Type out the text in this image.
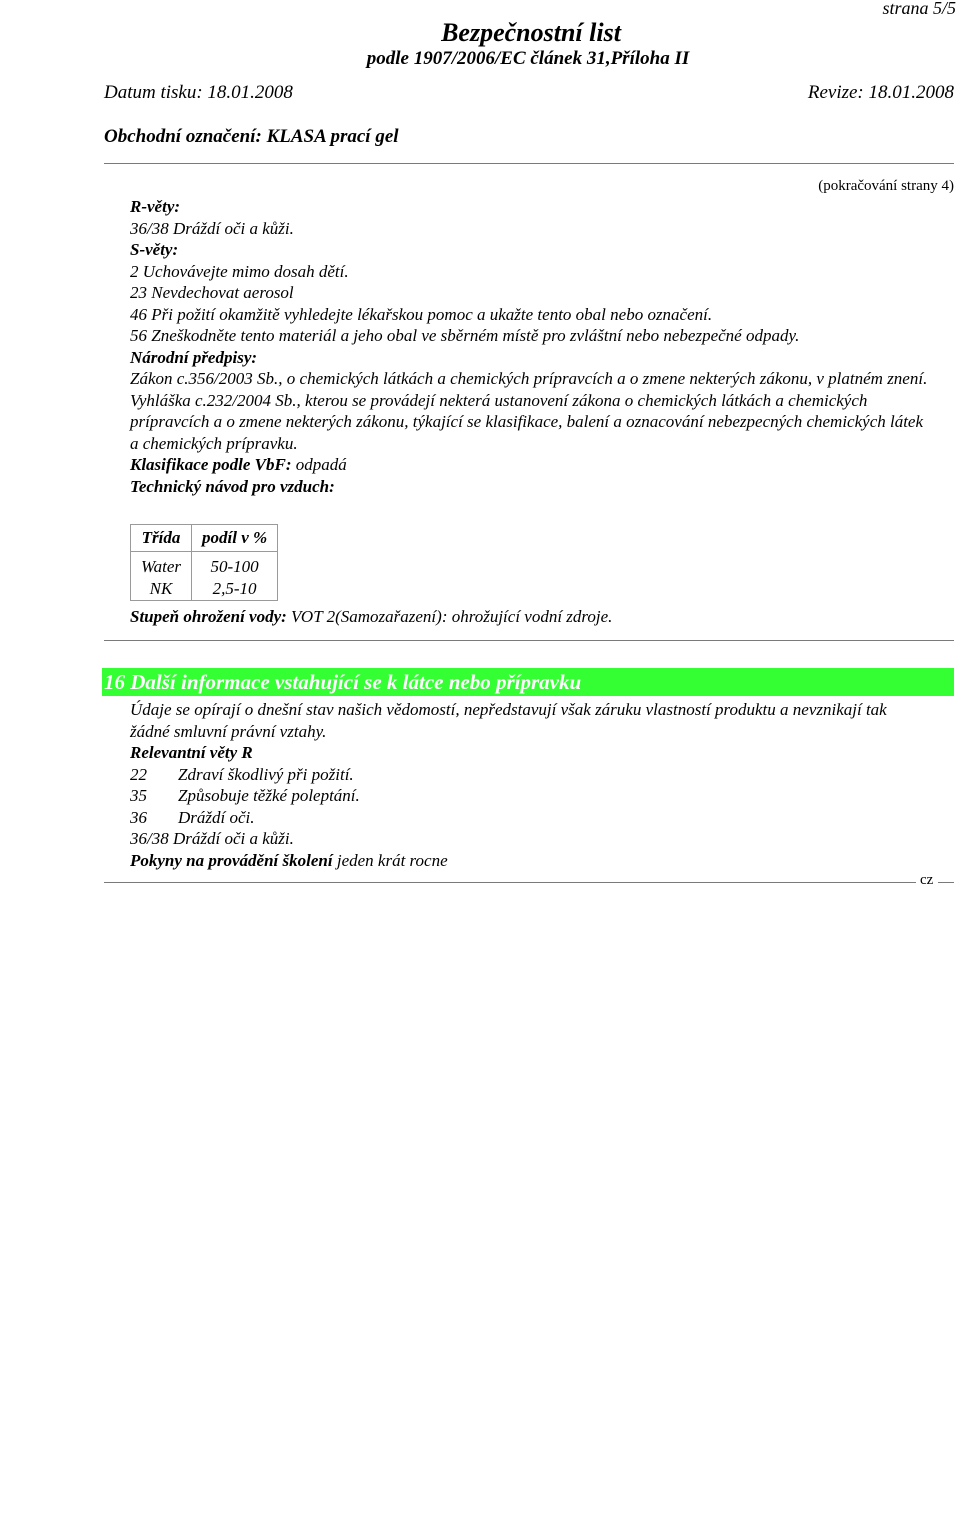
strana 5/5
Bezpečnostní list
podle 1907/2006/EC článek 31,Příloha II
Datum tisku: 18.01.2008	Revize: 18.01.2008
Obchodní označení: KLASA prací gel
(pokračování strany 4)

R-věty:

36/38 Dráždí oči a kůži.

S-věty:

2 Uchovávejte mimo dosah dětí.

23 Nevdechovat aerosol

46 Při požití okamžitě vyhledejte lékařskou pomoc a ukažte tento obal nebo označení.

56 Zneškodněte tento materiál a jeho obal ve sběrném místě pro zvláštní nebo nebezpečné odpady.

Národní předpisy:

Zákon c.356/2003 Sb., o chemických látkách a chemických prípravcích a o zmene nekterých zákonu, v platném znení.

Vyhláška c.232/2004 Sb., kterou se provádejí nekterá ustanovení zákona o chemických látkách a chemických prípravcích a o zmene nekterých zákonu, týkající se klasifikace, balení a oznacování nebezpecných chemických látek a chemických prípravku.

Klasifikace podle VbF: odpadá

Technický návod pro vzduch:

Třída	podíl v %
Water	50-100
NK	2,5-10

Stupeň ohrožení vody: VOT 2(Samozařazení): ohrožující vodní zdroje.

16 Další informace vstahující se k látce nebo přípravku

Údaje se opírají o dnešní stav našich vědomostí, nepředstavují však záruku vlastností produktu a nevznikají tak žádné smluvní právní vztahy.

Relevantní věty R

22 Zdraví škodlivý při požití.

35 Způsobuje těžké poleptání.

36 Dráždí oči.

36/38 Dráždí oči a kůži.

Pokyny na provádění školení jeden krát rocne

cz
